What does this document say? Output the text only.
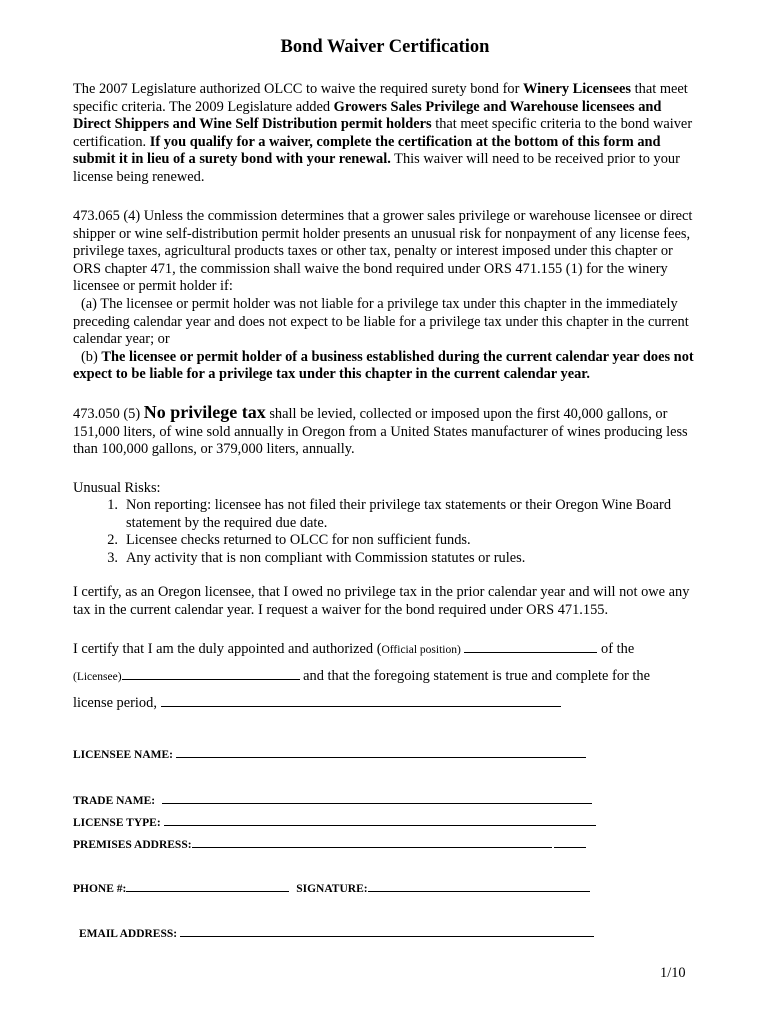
Bond Waiver Certification

The 2007 Legislature authorized OLCC to waive the required surety bond for Winery Licensees that meet specific criteria. The 2009 Legislature added Growers Sales Privilege and Warehouse licensees and Direct Shippers and Wine Self Distribution permit holders that meet specific criteria to the bond waiver certification. If you qualify for a waiver, complete the certification at the bottom of this form and submit it in lieu of a surety bond with your renewal. This waiver will need to be received prior to your license being renewed.

473.065 (4) Unless the commission determines that a grower sales privilege or warehouse licensee or direct shipper or wine self-distribution permit holder presents an unusual risk for nonpayment of any license fees, privilege taxes, agricultural products taxes or other tax, penalty or interest imposed under this chapter or ORS chapter 471, the commission shall waive the bond required under ORS 471.155 (1) for the winery licensee or permit holder if:
(a) The licensee or permit holder was not liable for a privilege tax under this chapter in the immediately preceding calendar year and does not expect to be liable for a privilege tax under this chapter in the current calendar year; or
(b) The licensee or permit holder of a business established during the current calendar year does not expect to be liable for a privilege tax under this chapter in the current calendar year.

473.050 (5) No privilege tax shall be levied, collected or imposed upon the first 40,000 gallons, or 151,000 liters, of wine sold annually in Oregon from a United States manufacturer of wines producing less than 100,000 gallons, or 379,000 liters, annually.

Unusual Risks:
1. Non reporting: licensee has not filed their privilege tax statements or their Oregon Wine Board statement by the required due date.
2. Licensee checks returned to OLCC for non sufficient funds.
3. Any activity that is non compliant with Commission statutes or rules.

I certify, as an Oregon licensee, that I owed no privilege tax in the prior calendar year and will not owe any tax in the current calendar year. I request a waiver for the bond required under ORS 471.155.

I certify that I am the duly appointed and authorized (Official position)	of the
(Licensee)	and that the foregoing statement is true and complete for the
license period,
LICENSEE NAME:
TRADE NAME:
LICENSE TYPE:
PREMISES ADDRESS:
PHONE #:	SIGNATURE:
EMAIL ADDRESS:
1/10
